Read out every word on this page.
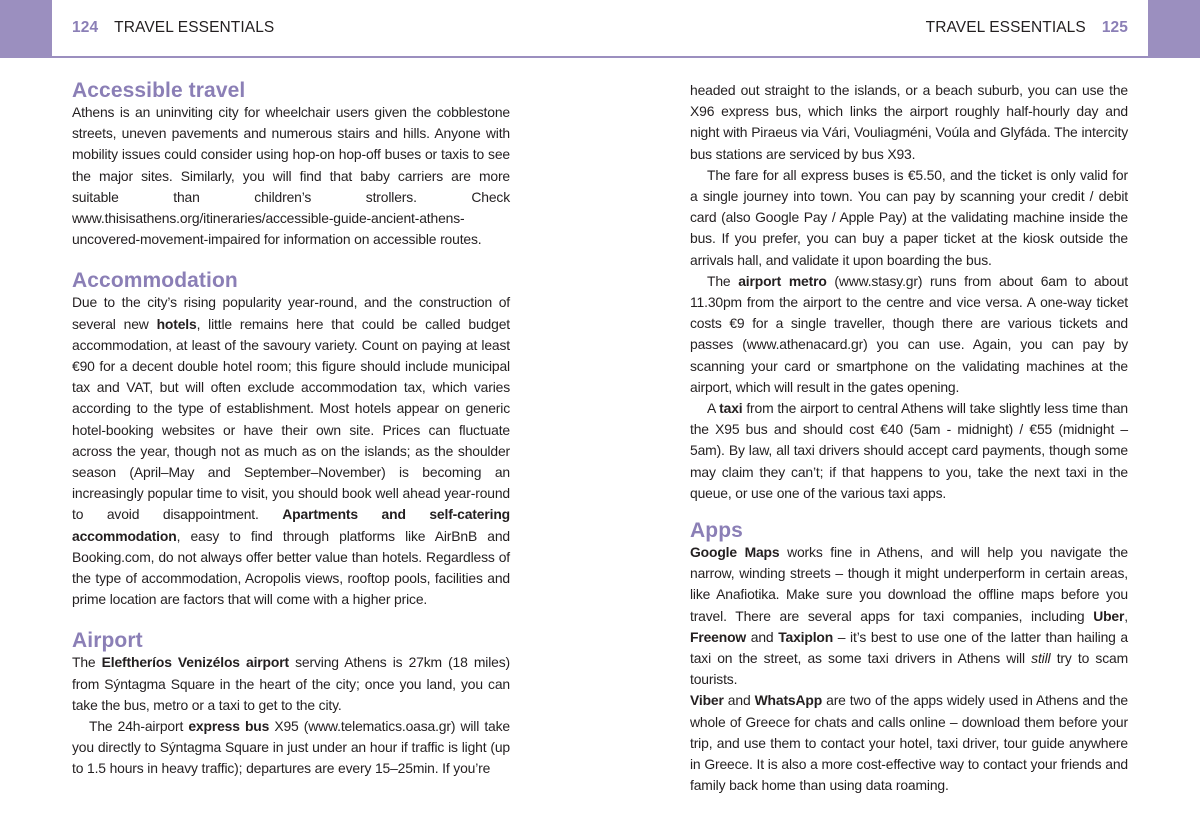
124 TRAVEL ESSENTIALS	TRAVEL ESSENTIALS 125
Accessible travel

Athens is an uninviting city for wheelchair users given the cobblestone streets, uneven pavements and numerous stairs and hills. Anyone with mobility issues could consider using hop-on hop-off buses or taxis to see the major sites. Similarly, you will find that baby carriers are more suitable than children’s strollers. Check www.thisisathens.org/itineraries/accessible-guide-ancient-athens-uncovered-movement-impaired for information on accessible routes.

Accommodation

Due to the city’s rising popularity year-round, and the construction of several new hotels, little remains here that could be called budget accommodation, at least of the savoury variety. Count on paying at least €90 for a decent double hotel room; this figure should include municipal tax and VAT, but will often exclude accommodation tax, which varies according to the type of establishment. Most hotels appear on generic hotel-booking websites or have their own site. Prices can fluctuate across the year, though not as much as on the islands; as the shoulder season (April–May and September–November) is becoming an increasingly popular time to visit, you should book well ahead year-round to avoid disappointment. Apartments and self-catering accommodation, easy to find through platforms like AirBnB and Booking.com, do not always offer better value than hotels. Regardless of the type of accommodation, Acropolis views, rooftop pools, facilities and prime location are factors that will come with a higher price.

Airport

The Eleftheríos Venizélos airport serving Athens is 27km (18 miles) from Sýntagma Square in the heart of the city; once you land, you can take the bus, metro or a taxi to get to the city.

The 24h-airport express bus X95 (www.telematics.oasa.gr) will take you directly to Sýntagma Square in just under an hour if traffic is light (up to 1.5 hours in heavy traffic); departures are every 15–25min. If you’re

headed out straight to the islands, or a beach suburb, you can use the X96 express bus, which links the airport roughly half-hourly day and night with Piraeus via Vári, Vouliagméni, Voúla and Glyfáda. The intercity bus stations are serviced by bus X93.

The fare for all express buses is €5.50, and the ticket is only valid for a single journey into town. You can pay by scanning your credit / debit card (also Google Pay / Apple Pay) at the validating machine inside the bus. If you prefer, you can buy a paper ticket at the kiosk outside the arrivals hall, and validate it upon boarding the bus.

The airport metro (www.stasy.gr) runs from about 6am to about 11.30pm from the airport to the centre and vice versa. A one-way ticket costs €9 for a single traveller, though there are various tickets and passes (www.athenacard.gr) you can use. Again, you can pay by scanning your card or smartphone on the validating machines at the airport, which will result in the gates opening.

A taxi from the airport to central Athens will take slightly less time than the X95 bus and should cost €40 (5am - midnight) / €55 (midnight – 5am). By law, all taxi drivers should accept card payments, though some may claim they can’t; if that happens to you, take the next taxi in the queue, or use one of the various taxi apps.

Apps

Google Maps works fine in Athens, and will help you navigate the narrow, winding streets – though it might underperform in certain areas, like Anafiotika. Make sure you download the offline maps before you travel. There are several apps for taxi companies, including Uber, Freenow and Taxiplon – it’s best to use one of the latter than hailing a taxi on the street, as some taxi drivers in Athens will still try to scam tourists.

Viber and WhatsApp are two of the apps widely used in Athens and the whole of Greece for chats and calls online – download them before your trip, and use them to contact your hotel, taxi driver, tour guide anywhere in Greece. It is also a more cost-effective way to contact your friends and family back home than using data roaming.
